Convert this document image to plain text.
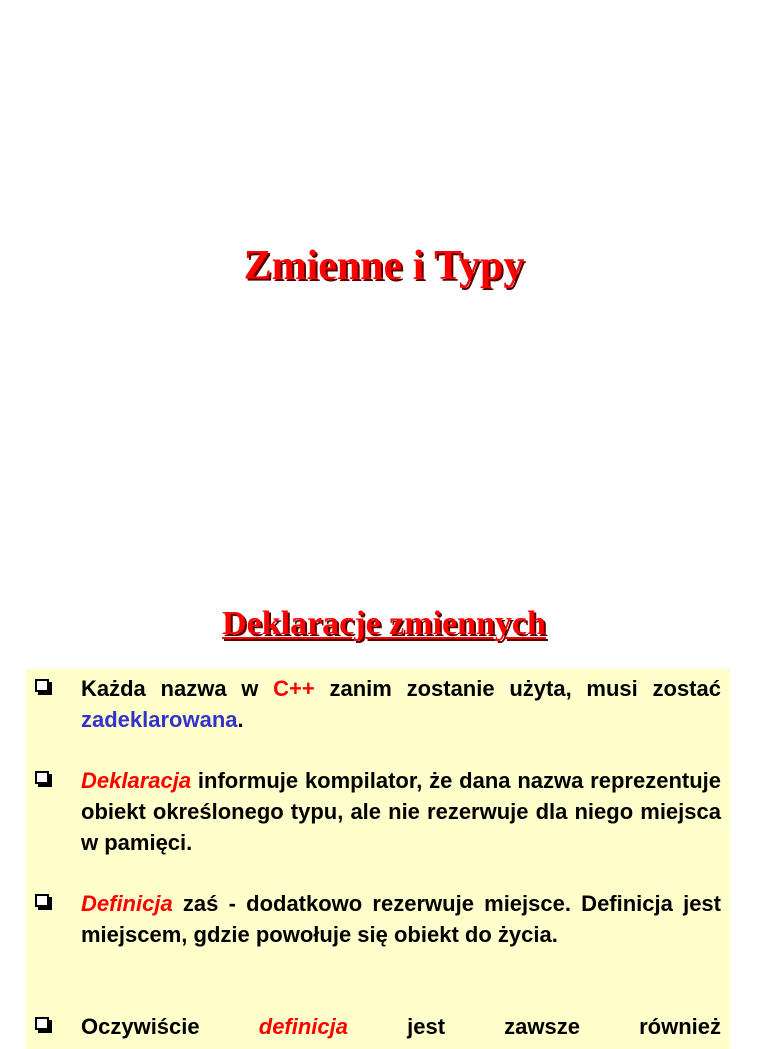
Zmienne i Typy
Deklaracje zmiennych
Każda nazwa w C++ zanim zostanie użyta, musi zostać zadeklarowana.
Deklaracja informuje kompilator, że dana nazwa reprezentuje obiekt określonego typu, ale nie rezerwuje dla niego miejsca w pamięci.
Definicja zaś - dodatkowo rezerwuje miejsce. Definicja jest miejscem, gdzie powołuje się obiekt do życia.
Oczywiście definicja jest zawsze również
